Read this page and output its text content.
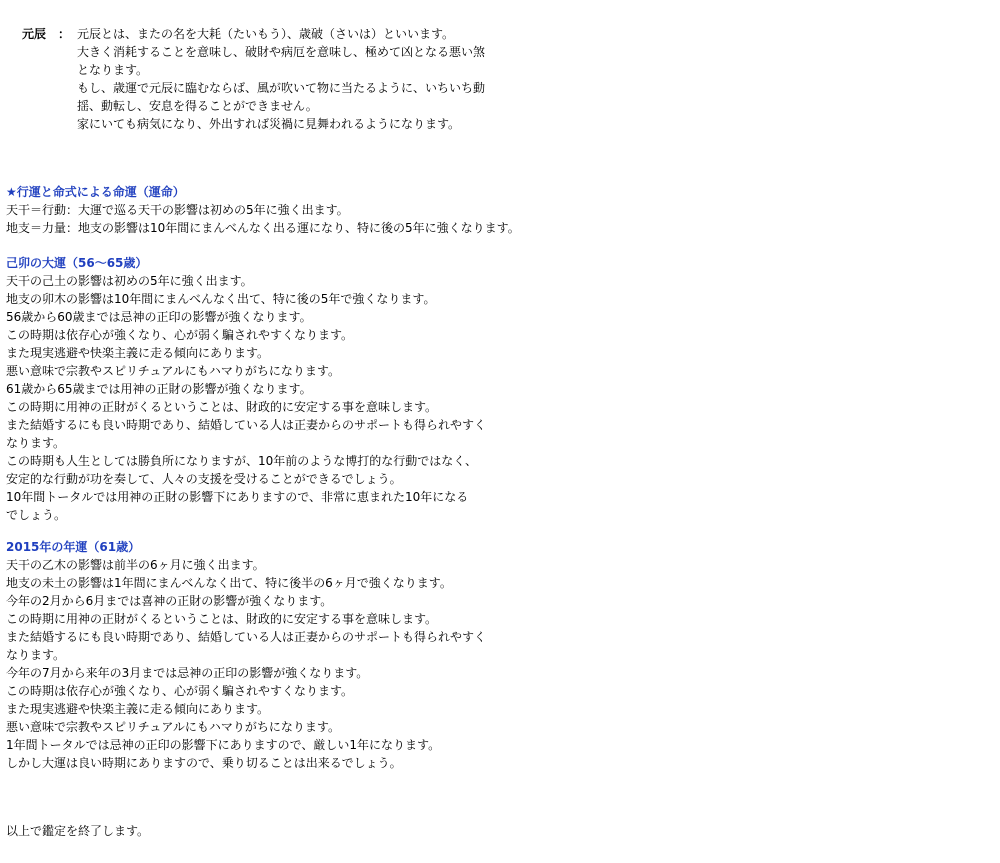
元辰 ： 元辰とは、またの名を大耗（たいもう）、歳破（さいは）といいます。
大きく消耗することを意味し、破財や病厄を意味し、極めて凶となる悪い煞
となります。
もし、歳運で元辰に臨むならば、風が吹いて物に当たるように、いちいち動
揺、動転し、安息を得ることができません。
家にいても病気になり、外出すれば災禍に見舞われるようになります。
★行運と命式による命運（運命）
天干＝行動：大運で巡る天干の影響は初めの5年に強く出ます。
地支＝力量：地支の影響は10年間にまんべんなく出る運になり、特に後の5年に強くなります。
己卯の大運（56～65歳）
天干の己土の影響は初めの5年に強く出ます。
地支の卯木の影響は10年間にまんべんなく出て、特に後の5年で強くなります。
56歳から60歳までは忌神の正印の影響が強くなります。
この時期は依存心が強くなり、心が弱く騙されやすくなります。
また現実逃避や快楽主義に走る傾向にあります。
悪い意味で宗教やスピリチュアルにもハマりがちになります。
61歳から65歳までは用神の正財の影響が強くなります。
この時期に用神の正財がくるということは、財政的に安定する事を意味します。
また結婚するにも良い時期であり、結婚している人は正妻からのサポートも得られやすく
なります。
この時期も人生としては勝負所になりますが、10年前のような博打的な行動ではなく、
安定的な行動が功を奏して、人々の支援を受けることができるでしょう。
10年間トータルでは用神の正財の影響下にありますので、非常に恵まれた10年になる
でしょう。
2015年の年運（61歳）
天干の乙木の影響は前半の6ヶ月に強く出ます。
地支の未土の影響は1年間にまんべんなく出て、特に後半の6ヶ月で強くなります。
今年の2月から6月までは喜神の正財の影響が強くなります。
この時期に用神の正財がくるということは、財政的に安定する事を意味します。
また結婚するにも良い時期であり、結婚している人は正妻からのサポートも得られやすく
なります。
今年の7月から来年の3月までは忌神の正印の影響が強くなります。
この時期は依存心が強くなり、心が弱く騙されやすくなります。
また現実逃避や快楽主義に走る傾向にあります。
悪い意味で宗教やスピリチュアルにもハマりがちになります。
1年間トータルでは忌神の正印の影響下にありますので、厳しい1年になります。
しかし大運は良い時期にありますので、乗り切ることは出来るでしょう。
以上で鑑定を終了します。
